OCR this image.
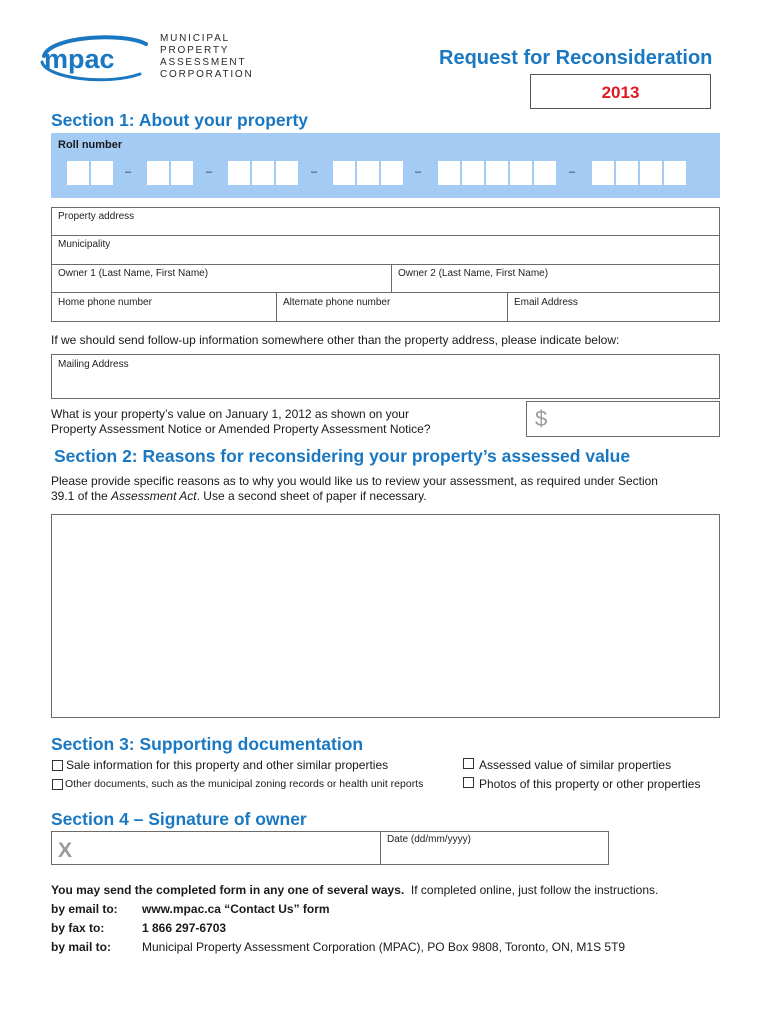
mpac
MUNICIPAL
PROPERTY
ASSESSMENT
CORPORATION
Request for Reconsideration
2013
Section 1: About your property
Roll number
–	–	–	–	–
Property address
Municipality
Owner 1 (Last Name, First Name)	Owner 2 (Last Name, First Name)
Home phone number	Alternate phone number	Email Address
If we should send follow-up information somewhere other than the property address, please indicate below:
Mailing Address
What is your property’s value on January 1, 2012 as shown on your
Property Assessment Notice or Amended Property Assessment Notice?	$
Section 2: Reasons for reconsidering your property’s assessed value
Please provide specific reasons as to why you would like us to review your assessment, as required under Section
39.1 of the Assessment Act. Use a second sheet of paper if necessary.
Section 3: Supporting documentation
Sale information for this property and other similar properties	Assessed value of similar properties
Other documents, such as the municipal zoning records or health unit reports	Photos of this property or other properties
Section 4 – Signature of owner
X	Date (dd/mm/yyyy)
You may send the completed form in any one of several ways. If completed online, just follow the instructions.
by email to: www.mpac.ca “Contact Us” form
by fax to:	1 866 297-6703
by mail to:	Municipal Property Assessment Corporation (MPAC), PO Box 9808, Toronto, ON, M1S 5T9
